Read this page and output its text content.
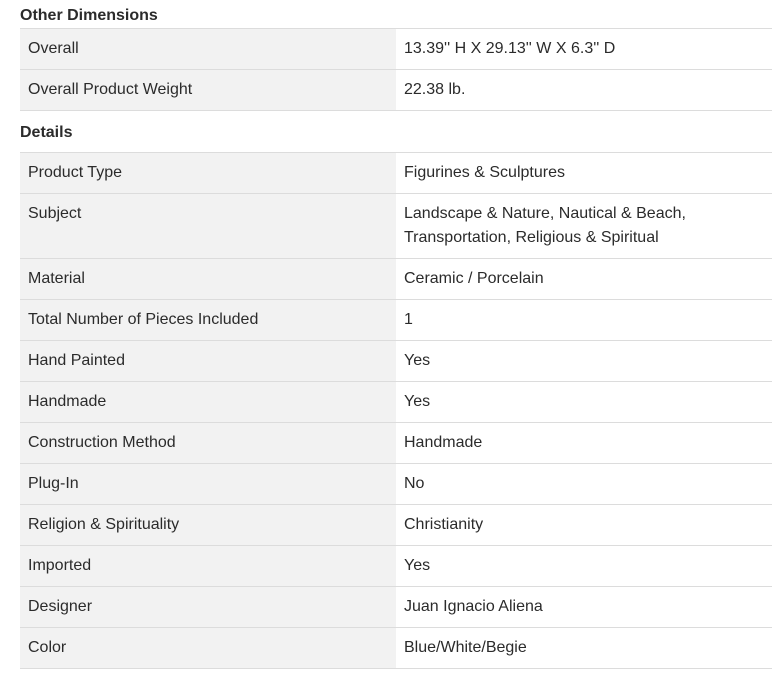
Other Dimensions
Overall	13.39'' H X 29.13'' W X 6.3'' D
Overall Product Weight	22.38 lb.
Details
Product Type	Figurines & Sculptures
Subject	Landscape & Nature, Nautical & Beach, Transportation, Religious & Spiritual
Material	Ceramic / Porcelain
Total Number of Pieces Included	1
Hand Painted	Yes
Handmade	Yes
Construction Method	Handmade
Plug-In	No
Religion & Spirituality	Christianity
Imported	Yes
Designer	Juan Ignacio Aliena
Color	Blue/White/Begie
